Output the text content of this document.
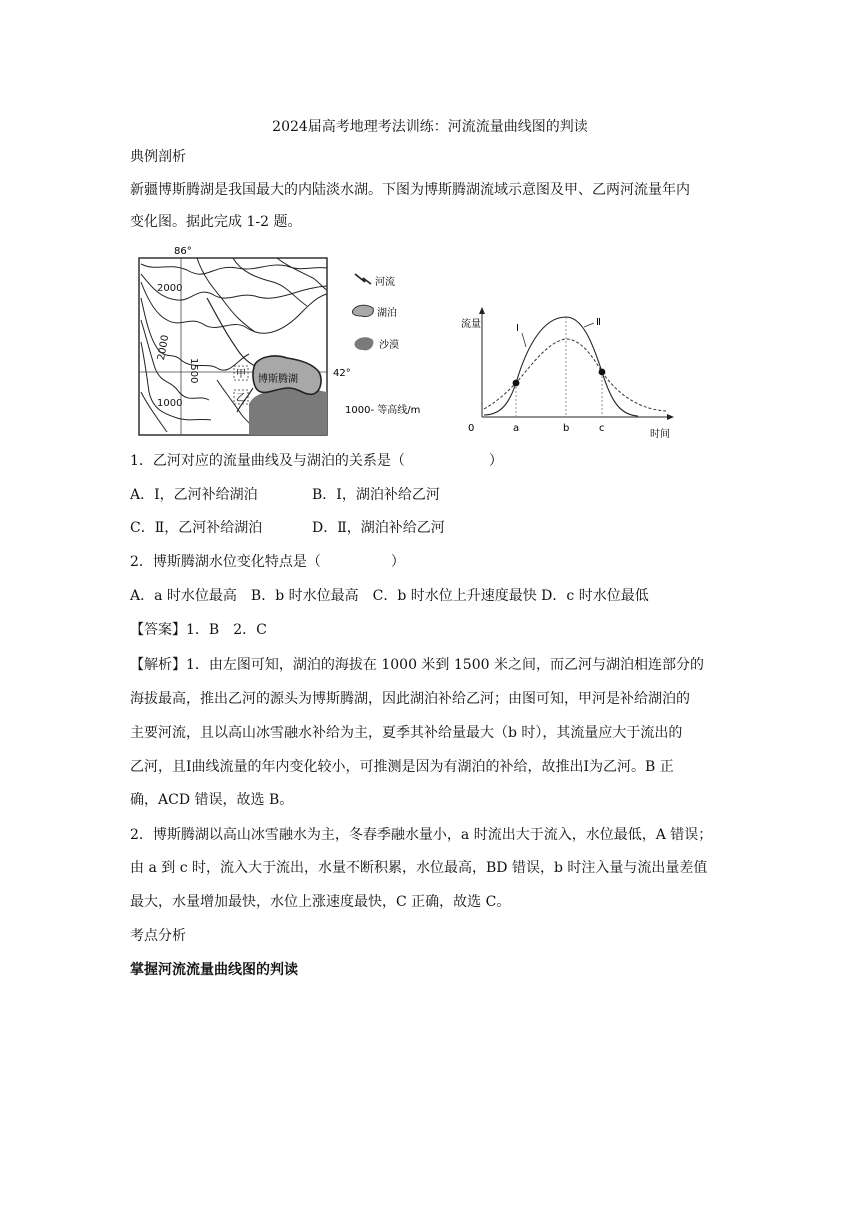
2024届高考地理考法训练：河流流量曲线图的判读
典例剖析
新疆博斯腾湖是我国最大的内陆淡水湖。下图为博斯腾湖流域示意图及甲、乙两河流量年内
变化图。据此完成 1-2 题。
86°
42°
2000
2000
1500
1000
博斯腾湖
甲
乙
河流
湖泊
沙漠
1000- 等高线/m
流量
时间
0	a	b	c
Ⅰ
Ⅱ
1．乙河对应的流量曲线及与湖泊的关系是（　　　　　　）
A．Ⅰ，乙河补给湖泊	B．Ⅰ，湖泊补给乙河
C．Ⅱ，乙河补给湖泊	D．Ⅱ，湖泊补给乙河
2．博斯腾湖水位变化特点是（　　　　　）
A．a 时水位最高　B．b 时水位最高　C．b 时水位上升速度最快 D．c 时水位最低
【答案】1．B　2．C
【解析】1．由左图可知，湖泊的海拔在 1000 米到 1500 米之间，而乙河与湖泊相连部分的
海拔最高，推出乙河的源头为博斯腾湖，因此湖泊补给乙河；由图可知，甲河是补给湖泊的
主要河流，且以高山冰雪融水补给为主，夏季其补给量最大（b 时），其流量应大于流出的
乙河，且Ⅰ曲线流量的年内变化较小，可推测是因为有湖泊的补给，故推出Ⅰ为乙河。B 正
确，ACD 错误，故选 B。
2．博斯腾湖以高山冰雪融水为主，冬春季融水量小，a 时流出大于流入，水位最低，A 错误；
由 a 到 c 时，流入大于流出，水量不断积累，水位最高，BD 错误，b 时注入量与流出量差值
最大，水量增加最快，水位上涨速度最快，C 正确，故选 C。
考点分析
掌握河流流量曲线图的判读
